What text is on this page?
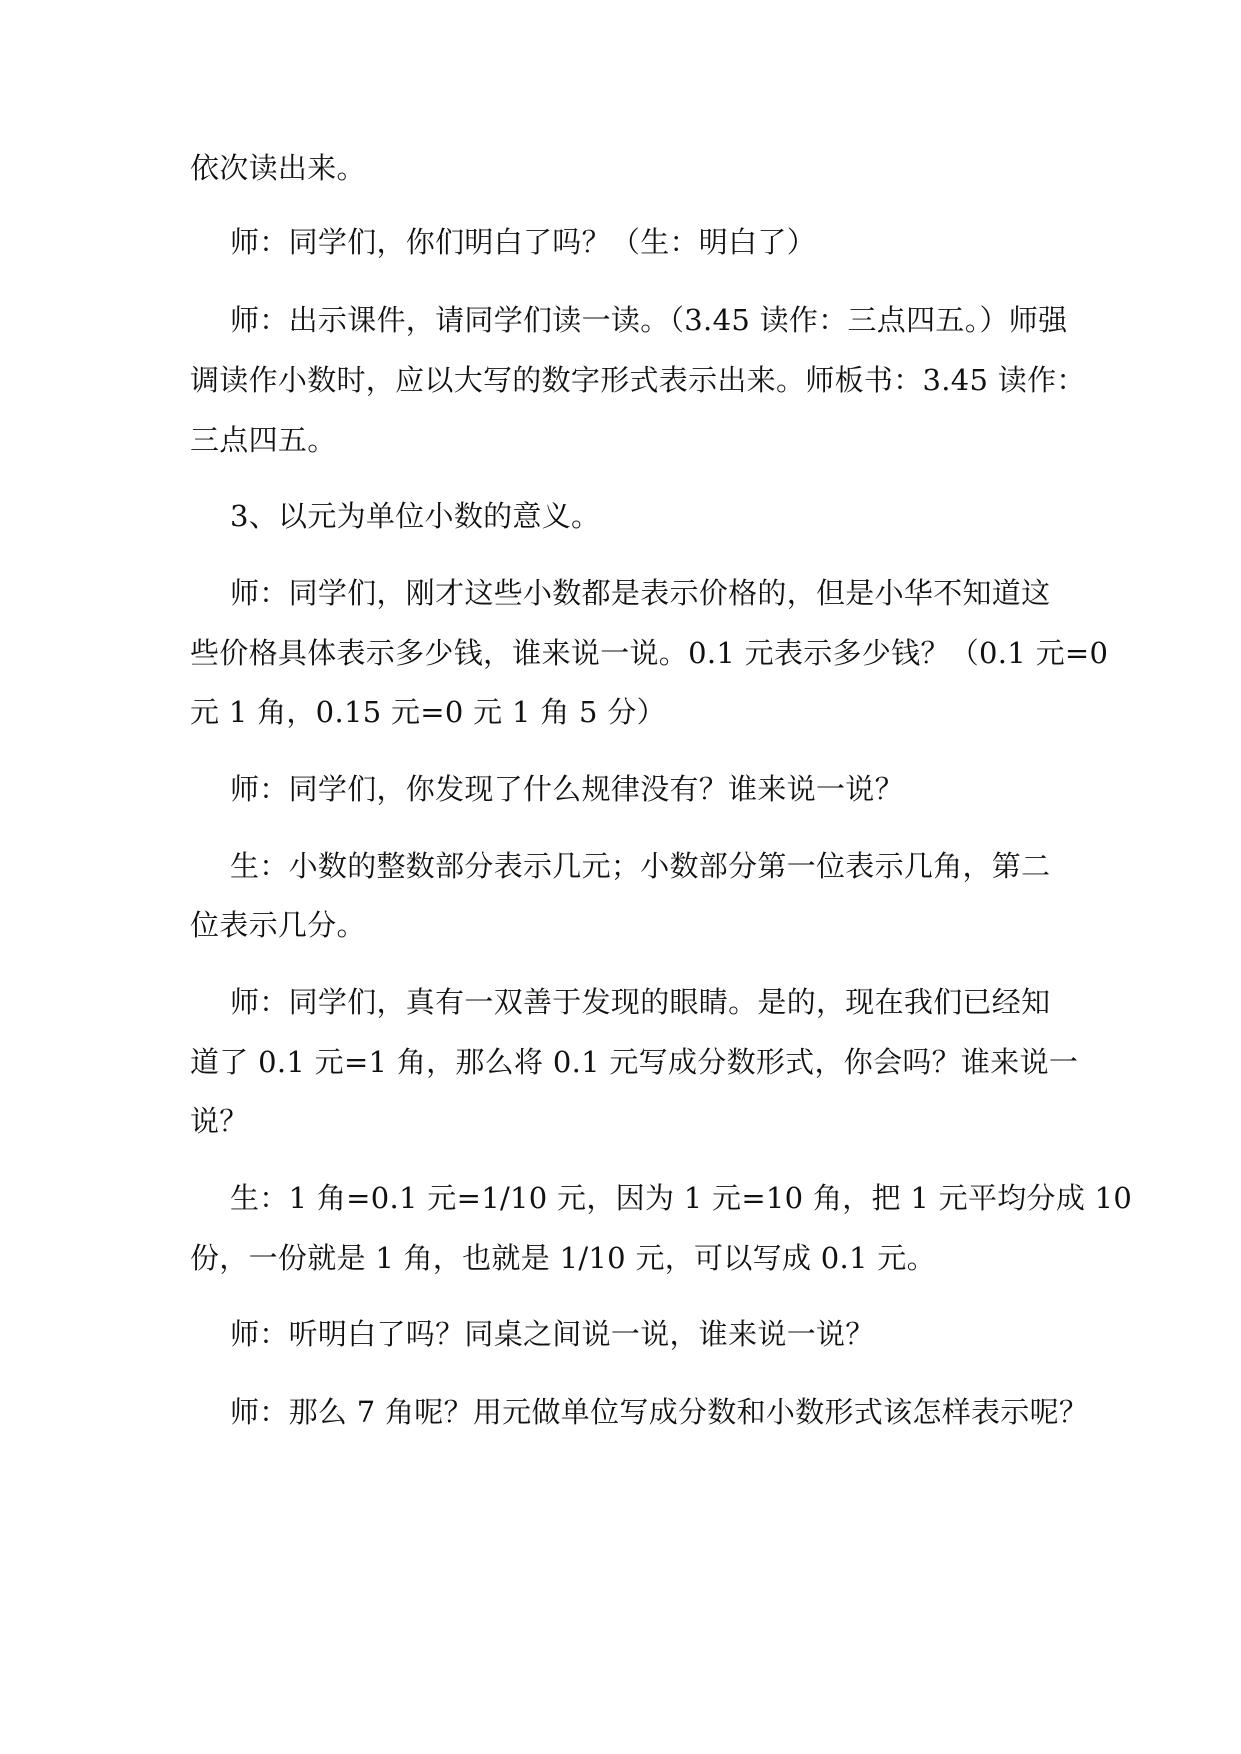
依次读出来。
师：同学们，你们明白了吗？（生：明白了）
师：出示课件，请同学们读一读。（3.45 读作：三点四五。）师强
调读作小数时，应以大写的数字形式表示出来。师板书：3.45 读作：
三点四五。
3、以元为单位小数的意义。
师：同学们，刚才这些小数都是表示价格的，但是小华不知道这
些价格具体表示多少钱，谁来说一说。0.1 元表示多少钱？（0.1 元=0
元 1 角，0.15 元=0 元 1 角 5 分）
师：同学们，你发现了什么规律没有？谁来说一说？
生：小数的整数部分表示几元；小数部分第一位表示几角，第二
位表示几分。
师：同学们，真有一双善于发现的眼睛。是的，现在我们已经知
道了 0.1 元=1 角，那么将 0.1 元写成分数形式，你会吗？谁来说一
说？
生：1 角=0.1 元=1/10 元，因为 1 元=10 角，把 1 元平均分成 10
份，一份就是 1 角，也就是 1/10 元，可以写成 0.1 元。
师：听明白了吗？同桌之间说一说，谁来说一说？
师：那么 7 角呢？用元做单位写成分数和小数形式该怎样表示呢？
